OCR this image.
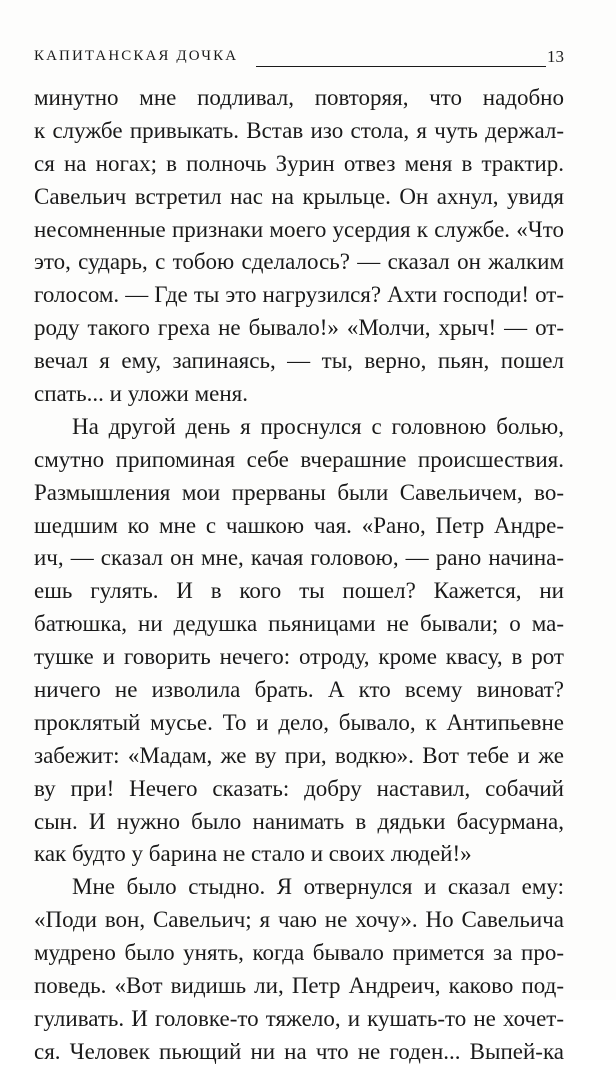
КАПИТАНСКАЯ ДОЧКА	13
минутно мне подливал, повторяя, что надобно
к службе привыкать. Встав изо стола, я чуть держал-
ся на ногах; в полночь Зурин отвез меня в трактир.
Савельич встретил нас на крыльце. Он ахнул, увидя
несомненные признаки моего усердия к службе. «Что
это, сударь, с тобою сделалось? — сказал он жалким
голосом. — Где ты это нагрузился? Ахти господи! от-
роду такого греха не бывало!» «Молчи, хрыч! — от-
вечал я ему, запинаясь, — ты, верно, пьян, пошел
спать... и уложи меня.
На другой день я проснулся с головною болью,
смутно припоминая себе вчерашние происшествия.
Размышления мои прерваны были Савельичем, во-
шедшим ко мне с чашкою чая. «Рано, Петр Андре-
ич, — сказал он мне, качая головою, — рано начина-
ешь гулять. И в кого ты пошел? Кажется, ни
батюшка, ни дедушка пьяницами не бывали; о ма-
тушке и говорить нечего: отроду, кроме квасу, в рот
ничего не изволила брать. А кто всему виноват?
проклятый мусье. То и дело, бывало, к Антипьевне
забежит: «Мадам, же ву при, водкю». Вот тебе и же
ву при! Нечего сказать: добру наставил, собачий
сын. И нужно было нанимать в дядьки басурмана,
как будто у барина не стало и своих людей!»
Мне было стыдно. Я отвернулся и сказал ему:
«Поди вон, Савельич; я чаю не хочу». Но Савельича
мудрено было унять, когда бывало примется за про-
поведь. «Вот видишь ли, Петр Андреич, каково под-
гуливать. И головке-то тяжело, и кушать-то не хочет-
ся. Человек пьющий ни на что не годен... Выпей-ка
